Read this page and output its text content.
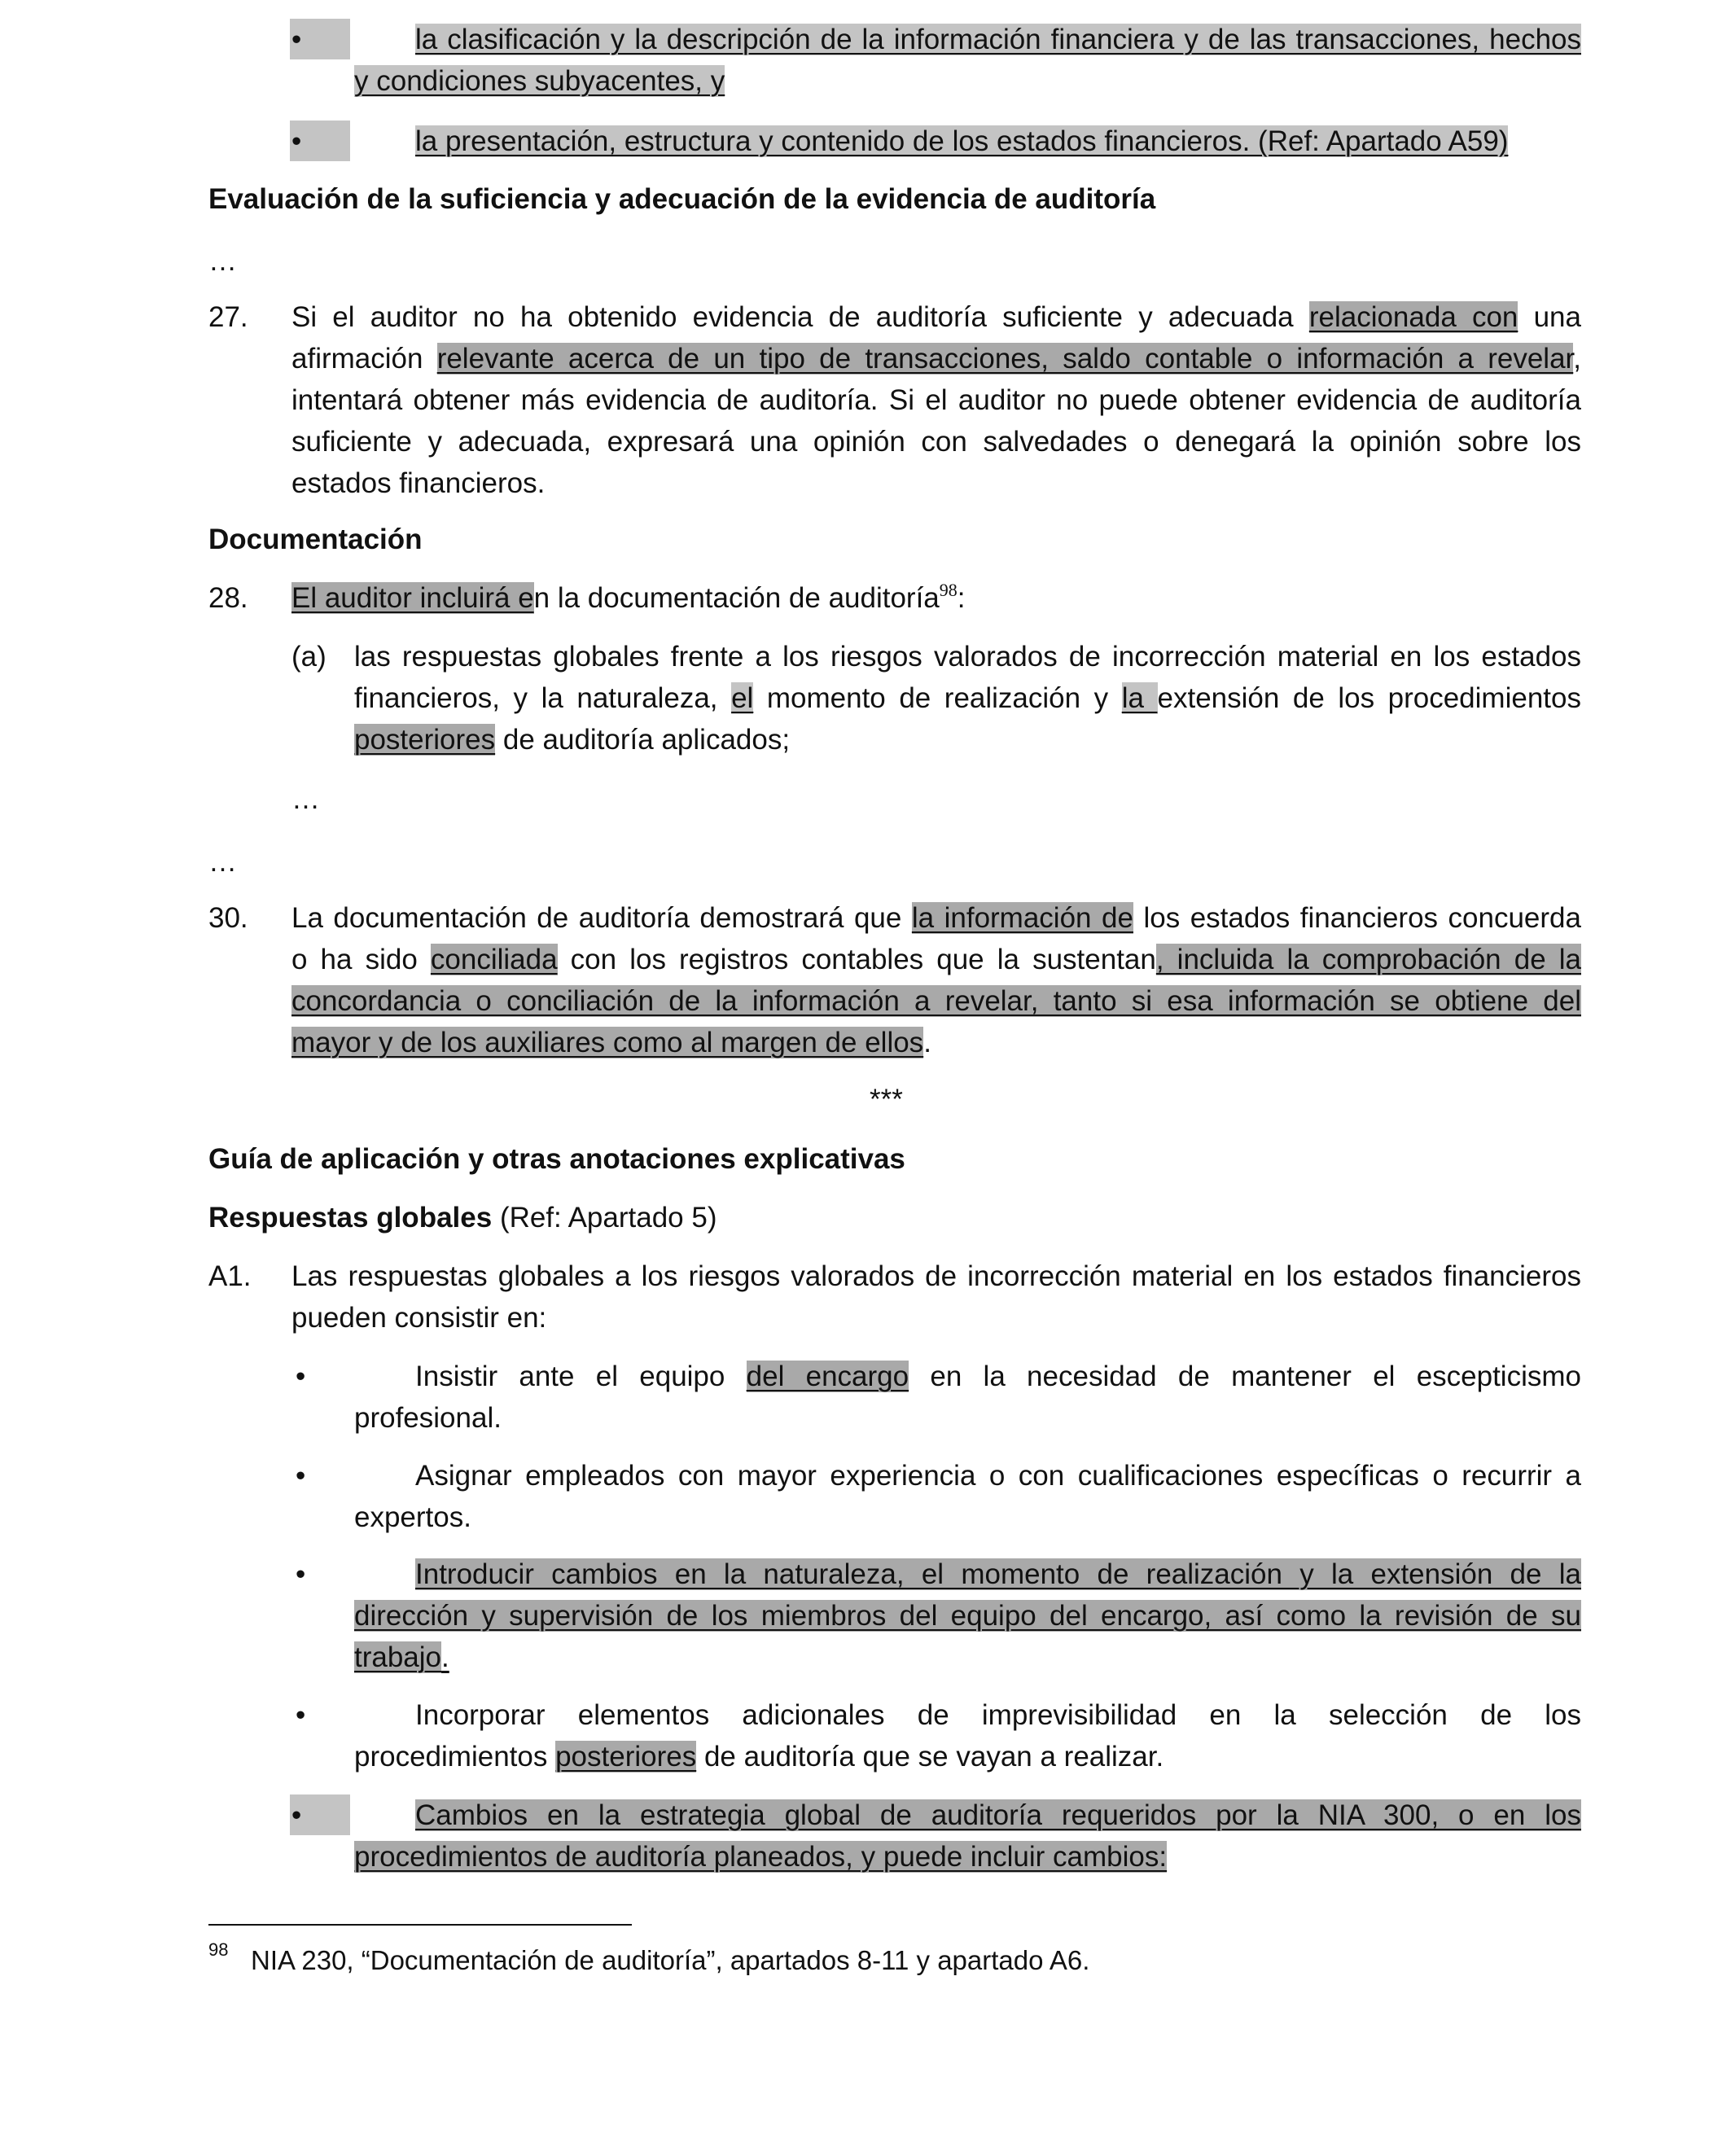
•	la clasificación y la descripción de la información financiera y de las transacciones, hechos
y condiciones subyacentes, y
•	la presentación, estructura y contenido de los estados financieros. (Ref: Apartado A59)
Evaluación de la suficiencia y adecuación de la evidencia de auditoría
…
27. Si el auditor no ha obtenido evidencia de auditoría suficiente y adecuada relacionada con una
afirmación relevante acerca de un tipo de transacciones, saldo contable o información a revelar,
intentará obtener más evidencia de auditoría. Si el auditor no puede obtener evidencia de auditoría
suficiente y adecuada, expresará una opinión con salvedades o denegará la opinión sobre los
estados financieros.
Documentación
28. El auditor incluirá en la documentación de auditoría$^{98}$:
(a) las respuestas globales frente a los riesgos valorados de incorrección material en los estados
financieros, y la naturaleza, el momento de realización y la extensión de los procedimientos
posteriores de auditoría aplicados;
…
…
30. La documentación de auditoría demostrará que la información de los estados financieros concuerda
o ha sido conciliada con los registros contables que la sustentan, incluida la comprobación de la
concordancia o conciliación de la información a revelar, tanto si esa información se obtiene del
mayor y de los auxiliares como al margen de ellos.
***
Guía de aplicación y otras anotaciones explicativas
Respuestas globales (Ref: Apartado 5)
A1. Las respuestas globales a los riesgos valorados de incorrección material en los estados financieros
pueden consistir en:
•	Insistir ante el equipo del encargo en la necesidad de mantener el escepticismo
profesional.
•	Asignar empleados con mayor experiencia o con cualificaciones específicas o recurrir a
expertos.
•	Introducir cambios en la naturaleza, el momento de realización y la extensión de la
dirección y supervisión de los miembros del equipo del encargo, así como la revisión de su
trabajo.
•	Incorporar elementos adicionales de imprevisibilidad en la selección de los
procedimientos posteriores de auditoría que se vayan a realizar.
•	Cambios en la estrategia global de auditoría requeridos por la NIA 300, o en los
procedimientos de auditoría planeados, y puede incluir cambios:
98 NIA 230, “Documentación de auditoría”, apartados 8-11 y apartado A6.
